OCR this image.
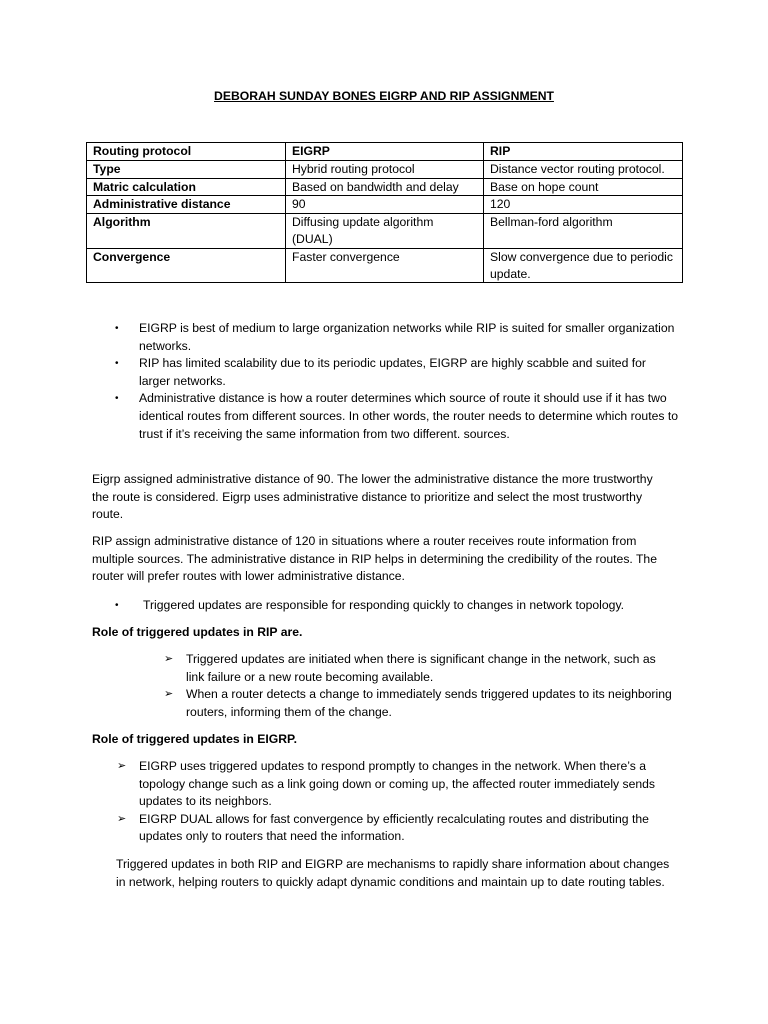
DEBORAH SUNDAY BONES EIGRP AND RIP ASSIGNMENT
Routing protocol	EIGRP	RIP
Type	Hybrid routing protocol	Distance vector routing protocol.
Matric calculation	Based on bandwidth and delay	Base on hope count
Administrative distance	90	120
Algorithm	Diffusing update algorithm (DUAL)	Bellman-ford algorithm
Convergence	Faster convergence	Slow convergence due to periodic update.
• EIGRP is best of medium to large organization networks while RIP is suited for smaller organization networks.
• RIP has limited scalability due to its periodic updates, EIGRP are highly scabble and suited for larger networks.
• Administrative distance is how a router determines which source of route it should use if it has two identical routes from different sources. In other words, the router needs to determine which routes to trust if it’s receiving the same information from two different. sources.

Eigrp assigned administrative distance of 90. The lower the administrative distance the more trustworthy the route is considered. Eigrp uses administrative distance to prioritize and select the most trustworthy route.

RIP assign administrative distance of 120 in situations where a router receives route information from multiple sources. The administrative distance in RIP helps in determining the credibility of the routes. The router will prefer routes with lower administrative distance.

• Triggered updates are responsible for responding quickly to changes in network topology.

Role of triggered updates in RIP are.

➢ Triggered updates are initiated when there is significant change in the network, such as link failure or a new route becoming available.
➢ When a router detects a change to immediately sends triggered updates to its neighboring routers, informing them of the change.

Role of triggered updates in EIGRP.

➢ EIGRP uses triggered updates to respond promptly to changes in the network. When there’s a topology change such as a link going down or coming up, the affected router immediately sends updates to its neighbors.
➢ EIGRP DUAL allows for fast convergence by efficiently recalculating routes and distributing the updates only to routers that need the information.

Triggered updates in both RIP and EIGRP are mechanisms to rapidly share information about changes in network, helping routers to quickly adapt dynamic conditions and maintain up to date routing tables.
